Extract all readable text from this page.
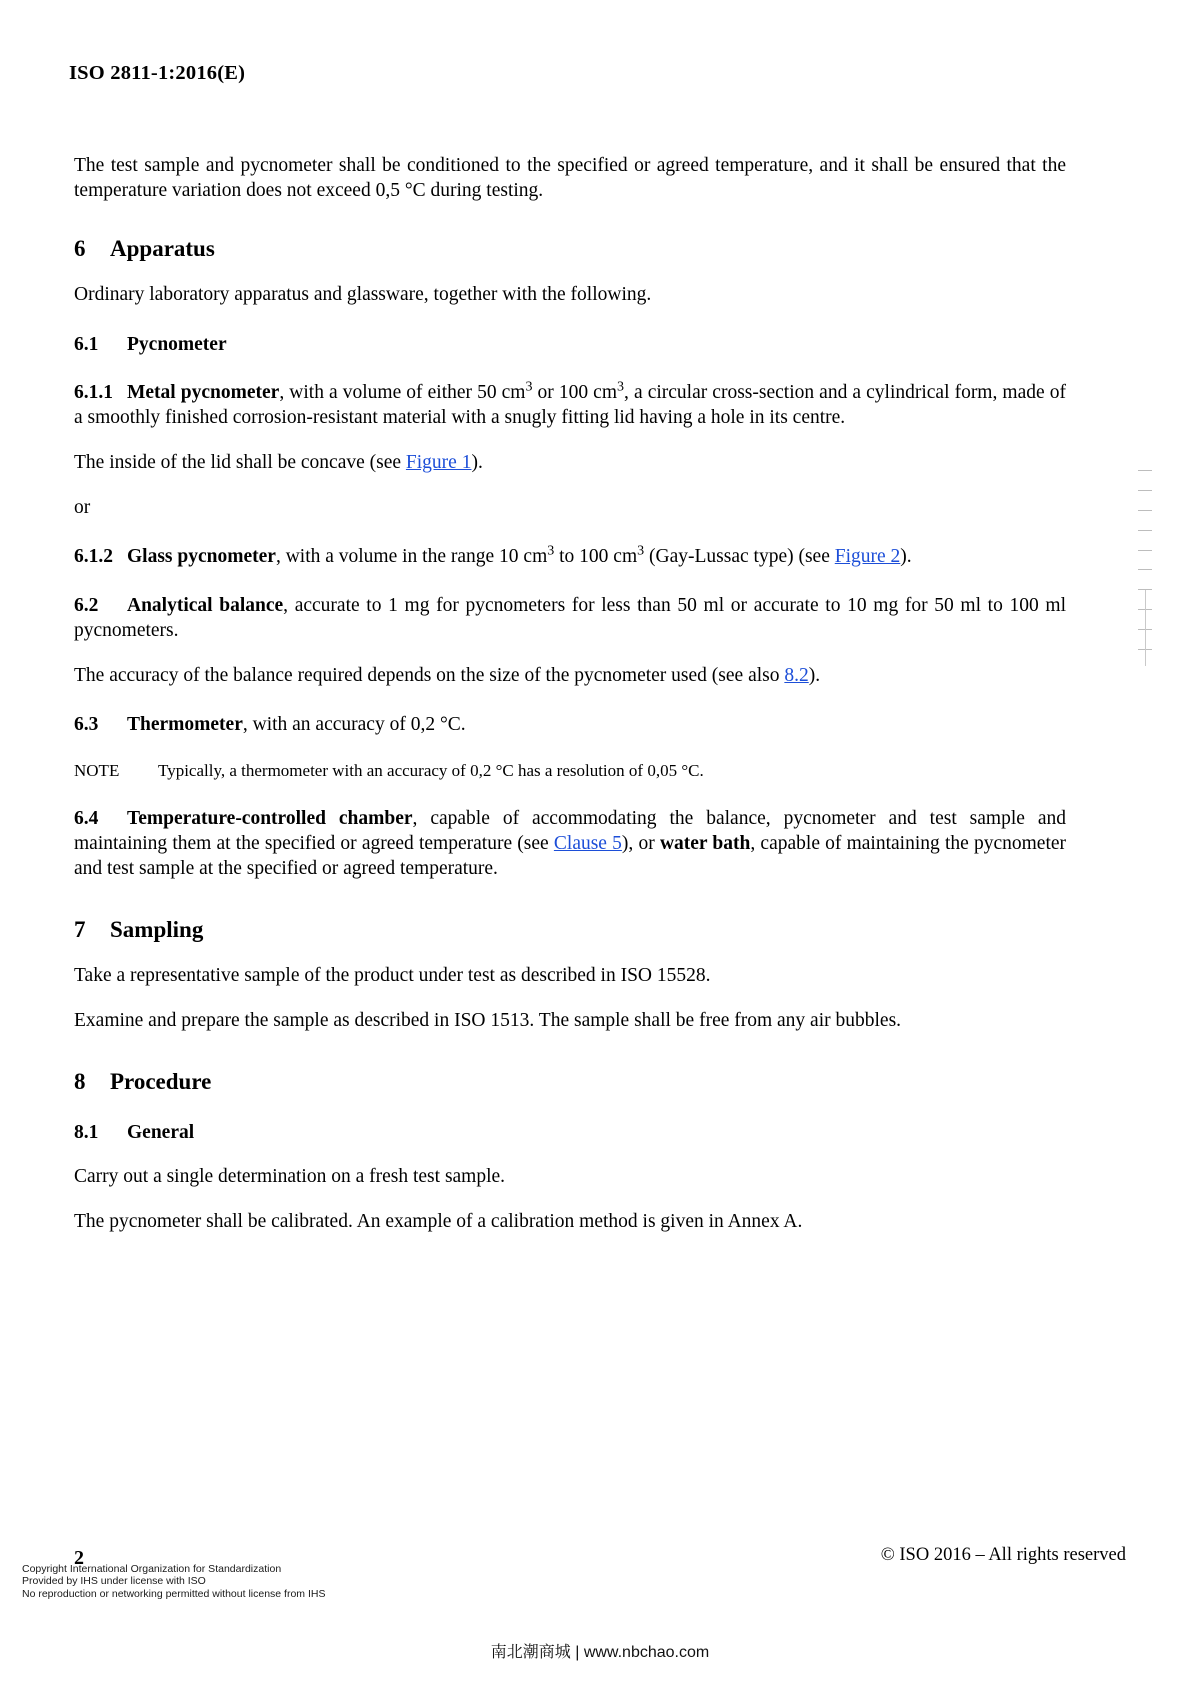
ISO 2811-1:2016(E)

The test sample and pycnometer shall be conditioned to the specified or agreed temperature, and it shall be ensured that the temperature variation does not exceed 0,5 °C during testing.

6	Apparatus

Ordinary laboratory apparatus and glassware, together with the following.

6.1	Pycnometer

6.1.1 Metal pycnometer, with a volume of either 50 $cm^3$ or 100 $cm^3$, a circular cross-section and a cylindrical form, made of a smoothly finished corrosion-resistant material with a snugly fitting lid having a hole in its centre.

The inside of the lid shall be concave (see Figure 1).

or

6.1.2 Glass pycnometer, with a volume in the range 10 $cm^3$ to 100 $cm^3$ (Gay-Lussac type) (see Figure 2).

6.2 Analytical balance, accurate to 1 mg for pycnometers for less than 50 ml or accurate to 10 mg for 50 ml to 100 ml pycnometers.

The accuracy of the balance required depends on the size of the pycnometer used (see also 8.2).

6.3 Thermometer, with an accuracy of 0,2 °C.

NOTE	Typically, a thermometer with an accuracy of 0,2 °C has a resolution of 0,05 °C.

6.4 Temperature-controlled chamber, capable of accommodating the balance, pycnometer and test sample and maintaining them at the specified or agreed temperature (see Clause 5), or water bath, capable of maintaining the pycnometer and test sample at the specified or agreed temperature.

7	Sampling

Take a representative sample of the product under test as described in ISO 15528.

Examine and prepare the sample as described in ISO 1513. The sample shall be free from any air bubbles.

8	Procedure
8.1	General

Carry out a single determination on a fresh test sample.

The pycnometer shall be calibrated. An example of a calibration method is given in Annex A.

2	© ISO 2016 – All rights reserved
Copyright International Organization for Standardization
Provided by IHS under license with ISO
No reproduction or networking permitted without license from IHS
南北潮商城 | www.nbchao.com
